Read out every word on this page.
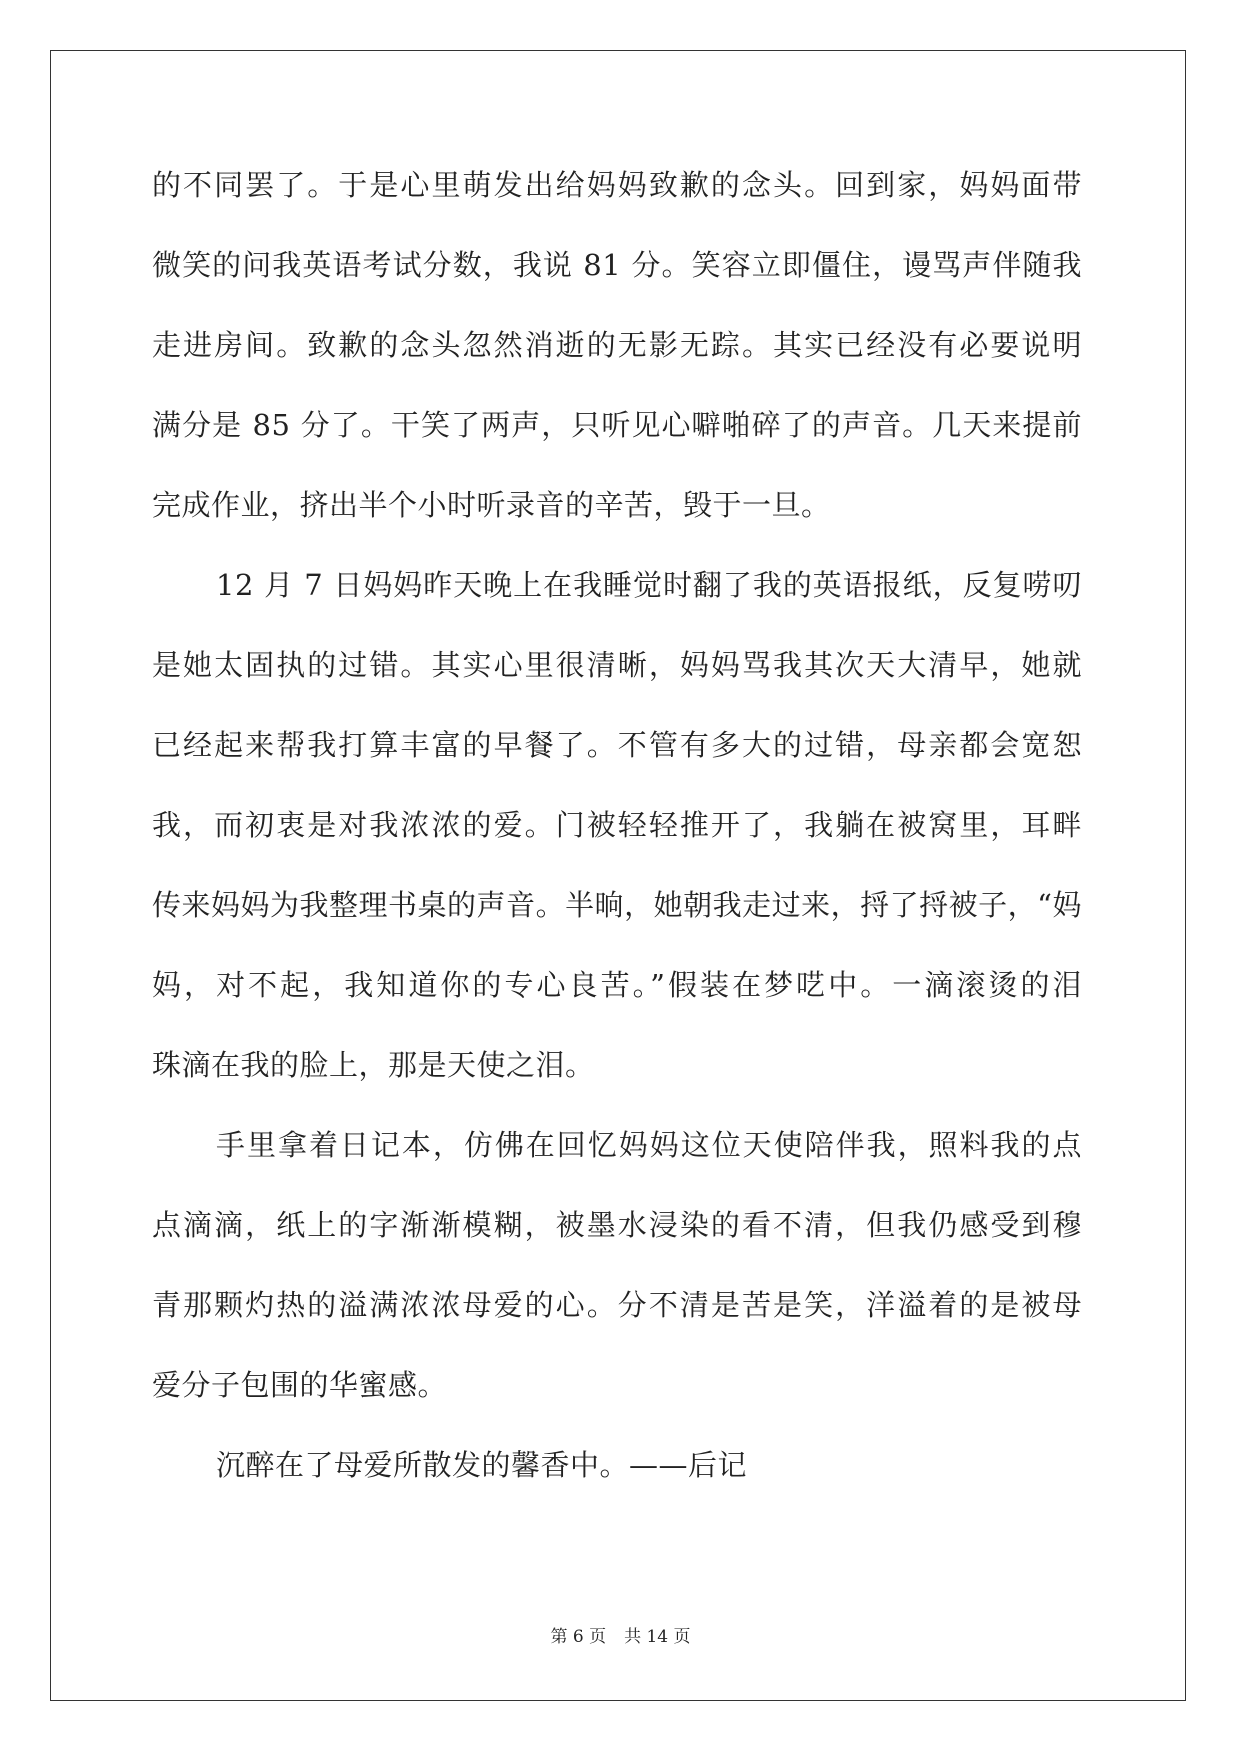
的不同罢了。于是心里萌发出给妈妈致歉的念头。回到家，妈妈面带
微笑的问我英语考试分数，我说 81 分。笑容立即僵住，谩骂声伴随我
走进房间。致歉的念头忽然消逝的无影无踪。其实已经没有必要说明
满分是 85 分了。干笑了两声，只听见心噼啪碎了的声音。几天来提前
完成作业，挤出半个小时听录音的辛苦，毁于一旦。
12 月 7 日妈妈昨天晚上在我睡觉时翻了我的英语报纸，反复唠叨
是她太固执的过错。其实心里很清晰，妈妈骂我其次天大清早，她就
已经起来帮我打算丰富的早餐了。不管有多大的过错，母亲都会宽恕
我，而初衷是对我浓浓的爱。门被轻轻推开了，我躺在被窝里，耳畔
传来妈妈为我整理书桌的声音。半晌，她朝我走过来，捋了捋被子，“妈
妈，对不起，我知道你的专心良苦。”假装在梦呓中。一滴滚烫的泪
珠滴在我的脸上，那是天使之泪。
手里拿着日记本，仿佛在回忆妈妈这位天使陪伴我，照料我的点
点滴滴，纸上的字渐渐模糊，被墨水浸染的看不清，但我仍感受到穆
青那颗灼热的溢满浓浓母爱的心。分不清是苦是笑，洋溢着的是被母
爱分子包围的华蜜感。
沉醉在了母爱所散发的馨香中。——后记
第 6 页 共 14 页
